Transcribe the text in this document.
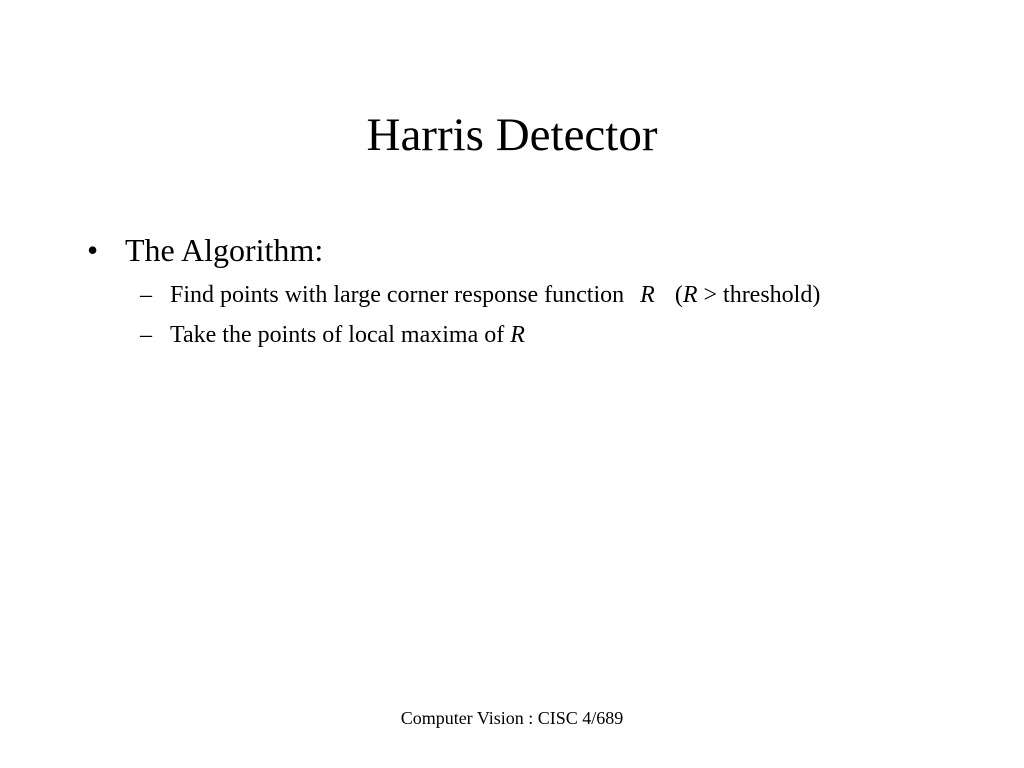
Harris Detector
• The Algorithm:
– Find points with large corner response function R (R > threshold)
– Take the points of local maxima of R
Computer Vision : CISC 4/689
